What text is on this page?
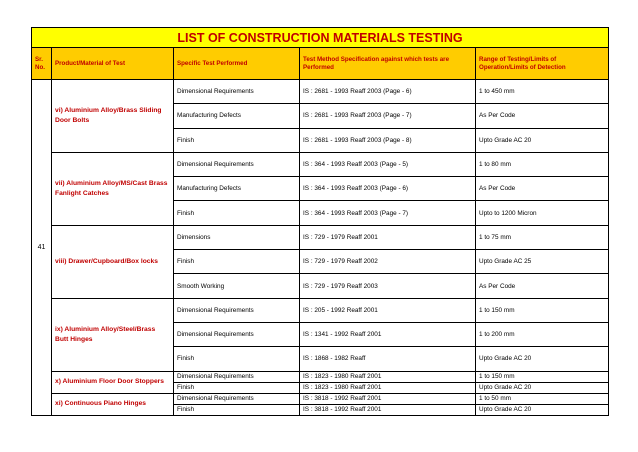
LIST OF CONSTRUCTION MATERIALS TESTING				
Sr. No.	Product/Material of Test	Specific Test Performed	Test Method Specification against which tests are Performed	Range of Testing/Limits of Operation/Limits of Detection
41	vi) Aluminium Alloy/Brass Sliding Door Bolts	Dimensional Requirements	IS : 2681 - 1993 Reaff 2003 (Page - 6)	1 to 450 mm
		Manufacturing Defects	IS : 2681 - 1993 Reaff 2003 (Page - 7)	As Per Code
		Finish	IS : 2681 - 1993 Reaff 2003 (Page - 8)	Upto Grade AC 20
	vii) Aluminium Alloy/MS/Cast Brass Fanlight Catches	Dimensional Requirements	IS : 364 - 1993 Reaff 2003 (Page - 5)	1 to 80 mm
		Manufacturing Defects	IS : 364 - 1993 Reaff 2003 (Page - 6)	As Per Code
		Finish	IS : 364 - 1993 Reaff 2003 (Page - 7)	Upto to 1200 Micron
	viii) Drawer/Cupboard/Box locks	Dimensions	IS : 729 - 1979 Reaff 2001	1 to 75 mm
		Finish	IS : 729 - 1979 Reaff 2002	Upto Grade AC 25
		Smooth Working	IS : 729 - 1979 Reaff 2003	As Per Code
	ix) Aluminium Alloy/Steel/Brass Butt Hinges	Dimensional Requirements	IS : 205 - 1992 Reaff 2001	1 to 150 mm
		Dimensional Requirements	IS : 1341 - 1992 Reaff 2001	1 to 200 mm
		Finish	IS : 1868 - 1982 Reaff	Upto Grade AC 20
	x) Aluminium Floor Door Stoppers	Dimensional Requirements	IS : 1823 - 1980 Reaff 2001	1 to 150 mm
		Finish	IS : 1823 - 1980 Reaff 2001	Upto Grade AC 20
	xi) Continuous Piano Hinges	Dimensional Requirements	IS : 3818 - 1992 Reaff 2001	1 to 50 mm
		Finish	IS : 3818 - 1992 Reaff 2001	Upto Grade AC 20
